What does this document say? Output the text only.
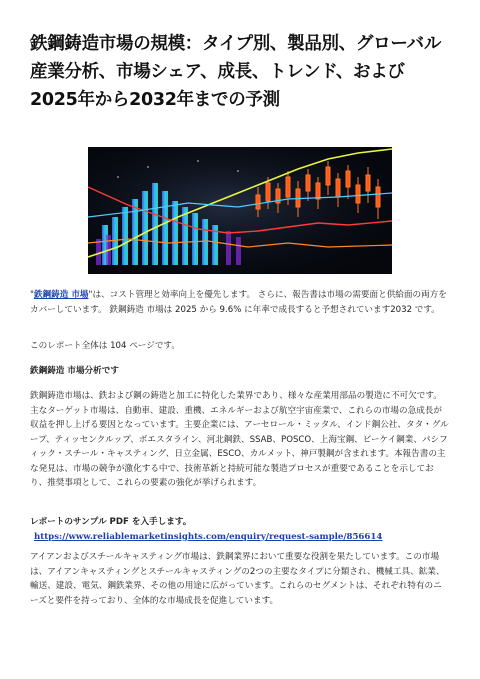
鉄鋼鋳造市場の規模：タイプ別、製品別、グローバル産業分析、市場シェア、成長、トレンド、および2025年から2032年までの予測

"鉄鋼鋳造 市場"は、コスト管理と効率向上を優先します。 さらに、報告書は市場の需要面と供給面の両方をカバーしています。 鉄鋼鋳造 市場は 2025 から 9.6% に年率で成長すると予想されています2032 です。

このレポート全体は 104 ページです。

鉄鋼鋳造 市場分析です

鉄鋼鋳造市場は、鉄および鋼の鋳造と加工に特化した業界であり、様々な産業用部品の製造に不可欠です。主なターゲット市場は、自動車、建設、重機、エネルギーおよび航空宇宙産業で、これらの市場の急成長が収益を押し上げる要因となっています。主要企業には、アーセロール・ミッタル、インド鋼公社、タタ・グループ、ティッセンクルップ、ボエスタライン、河北鋼鉄、SSAB、POSCO、上海宝鋼、ビーケイ鋼業、パシフィック・スチール・キャスティング、日立金属、ESCO、カルメット、神戸製鋼が含まれます。本報告書の主な発見は、市場の競争が激化する中で、技術革新と持続可能な製造プロセスが重要であることを示しており、推奨事項として、これらの要素の強化が挙げられます。

レポートのサンプル PDF を入手します。https://www.reliablemarketinsights.com/enquiry/request-sample/856614

アイアンおよびスチールキャスティング市場は、鉄鋼業界において重要な役割を果たしています。この市場は、アイアンキャスティングとスチールキャスティングの2つの主要なタイプに分類され、機械工具、鉱業、輸送、建設、電気、鋼鉄業界、その他の用途に広がっています。これらのセグメントは、それぞれ特有のニーズと要件を持っており、全体的な市場成長を促進しています。
